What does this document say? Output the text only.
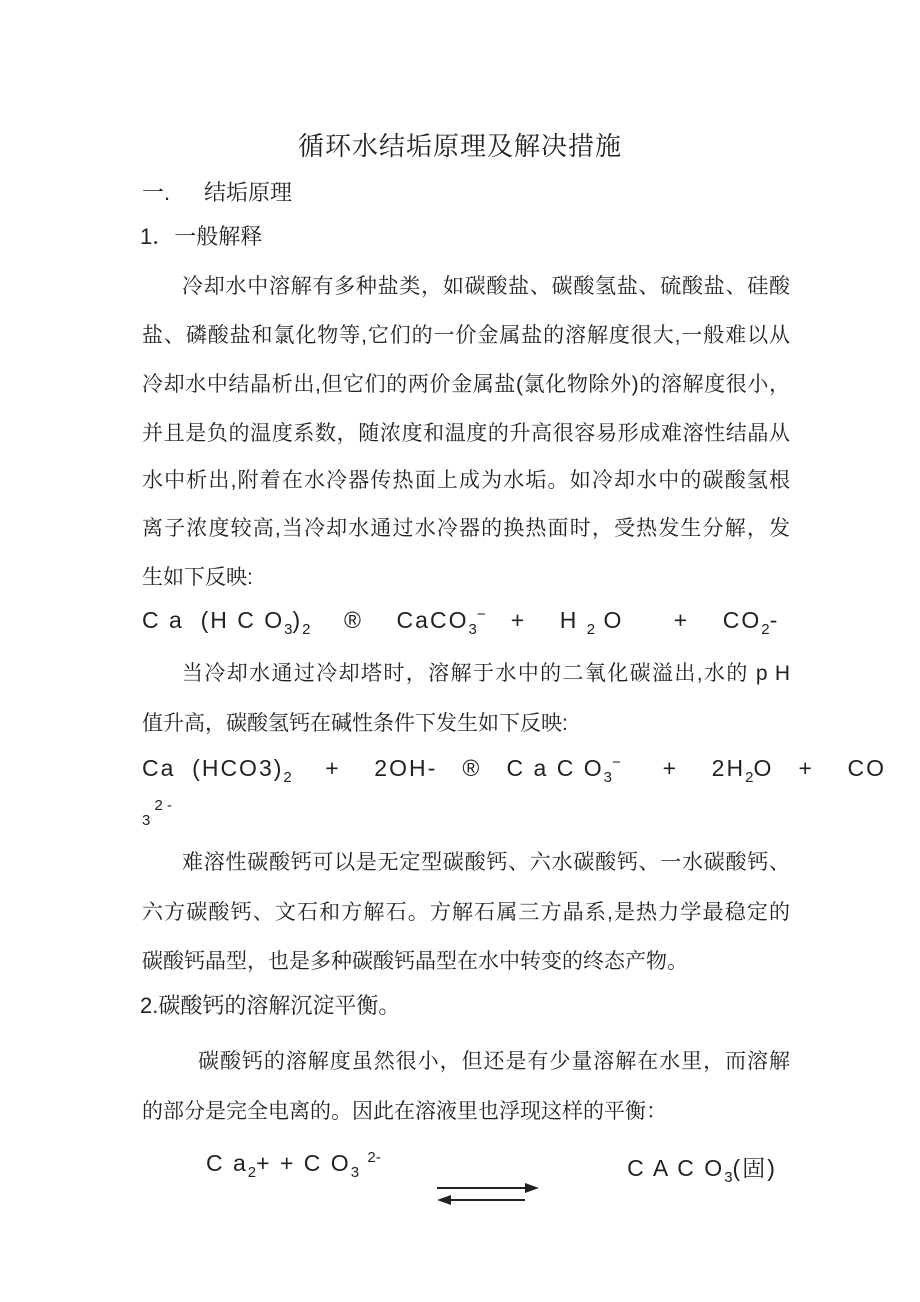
循环水结垢原理及解决措施
一. 结垢原理
1．一般解释
冷却水中溶解有多种盐类，如碳酸盐、碳酸氢盐、硫酸盐、硅酸
盐、磷酸盐和氯化物等,它们的一价金属盐的溶解度很大,一般难以从
冷却水中结晶析出,但它们的两价金属盐(氯化物除外)的溶解度很小，
并且是负的温度系数，随浓度和温度的升高很容易形成难溶性结晶从
水中析出,附着在水冷器传热面上成为水垢。如冷却水中的碳酸氢根
离子浓度较高,当冷却水通过水冷器的换热面时，受热发生分解，发
生如下反映:
C a  (H C $O_3)_2$    ®    CaCO$_3$−   +    H $_2$ O      +    $CO_2-$
当冷却水通过冷却塔时，溶解于水中的二氧化碳溢出,水的 p H
值升高，碳酸氢钙在碱性条件下发生如下反映:
Ca  $(HCO3)_2$    +    2OH-   ®   C a C $O_3^-$     +    $2H_2O$   +    CO
$_3$ $^{2 -}$
难溶性碳酸钙可以是无定型碳酸钙、六水碳酸钙、一水碳酸钙、
六方碳酸钙、文石和方解石。方解石属三方晶系,是热力学最稳定的
碳酸钙晶型，也是多种碳酸钙晶型在水中转变的终态产物。
2.碳酸钙的溶解沉淀平衡。
碳酸钙的溶解度虽然很小，但还是有少量溶解在水里，而溶解
的部分是完全电离的。因此在溶液里也浮现这样的平衡：
C $a_2+ + C$ $O_3$ $^{2-}$

	C A C $O_3$(固)
